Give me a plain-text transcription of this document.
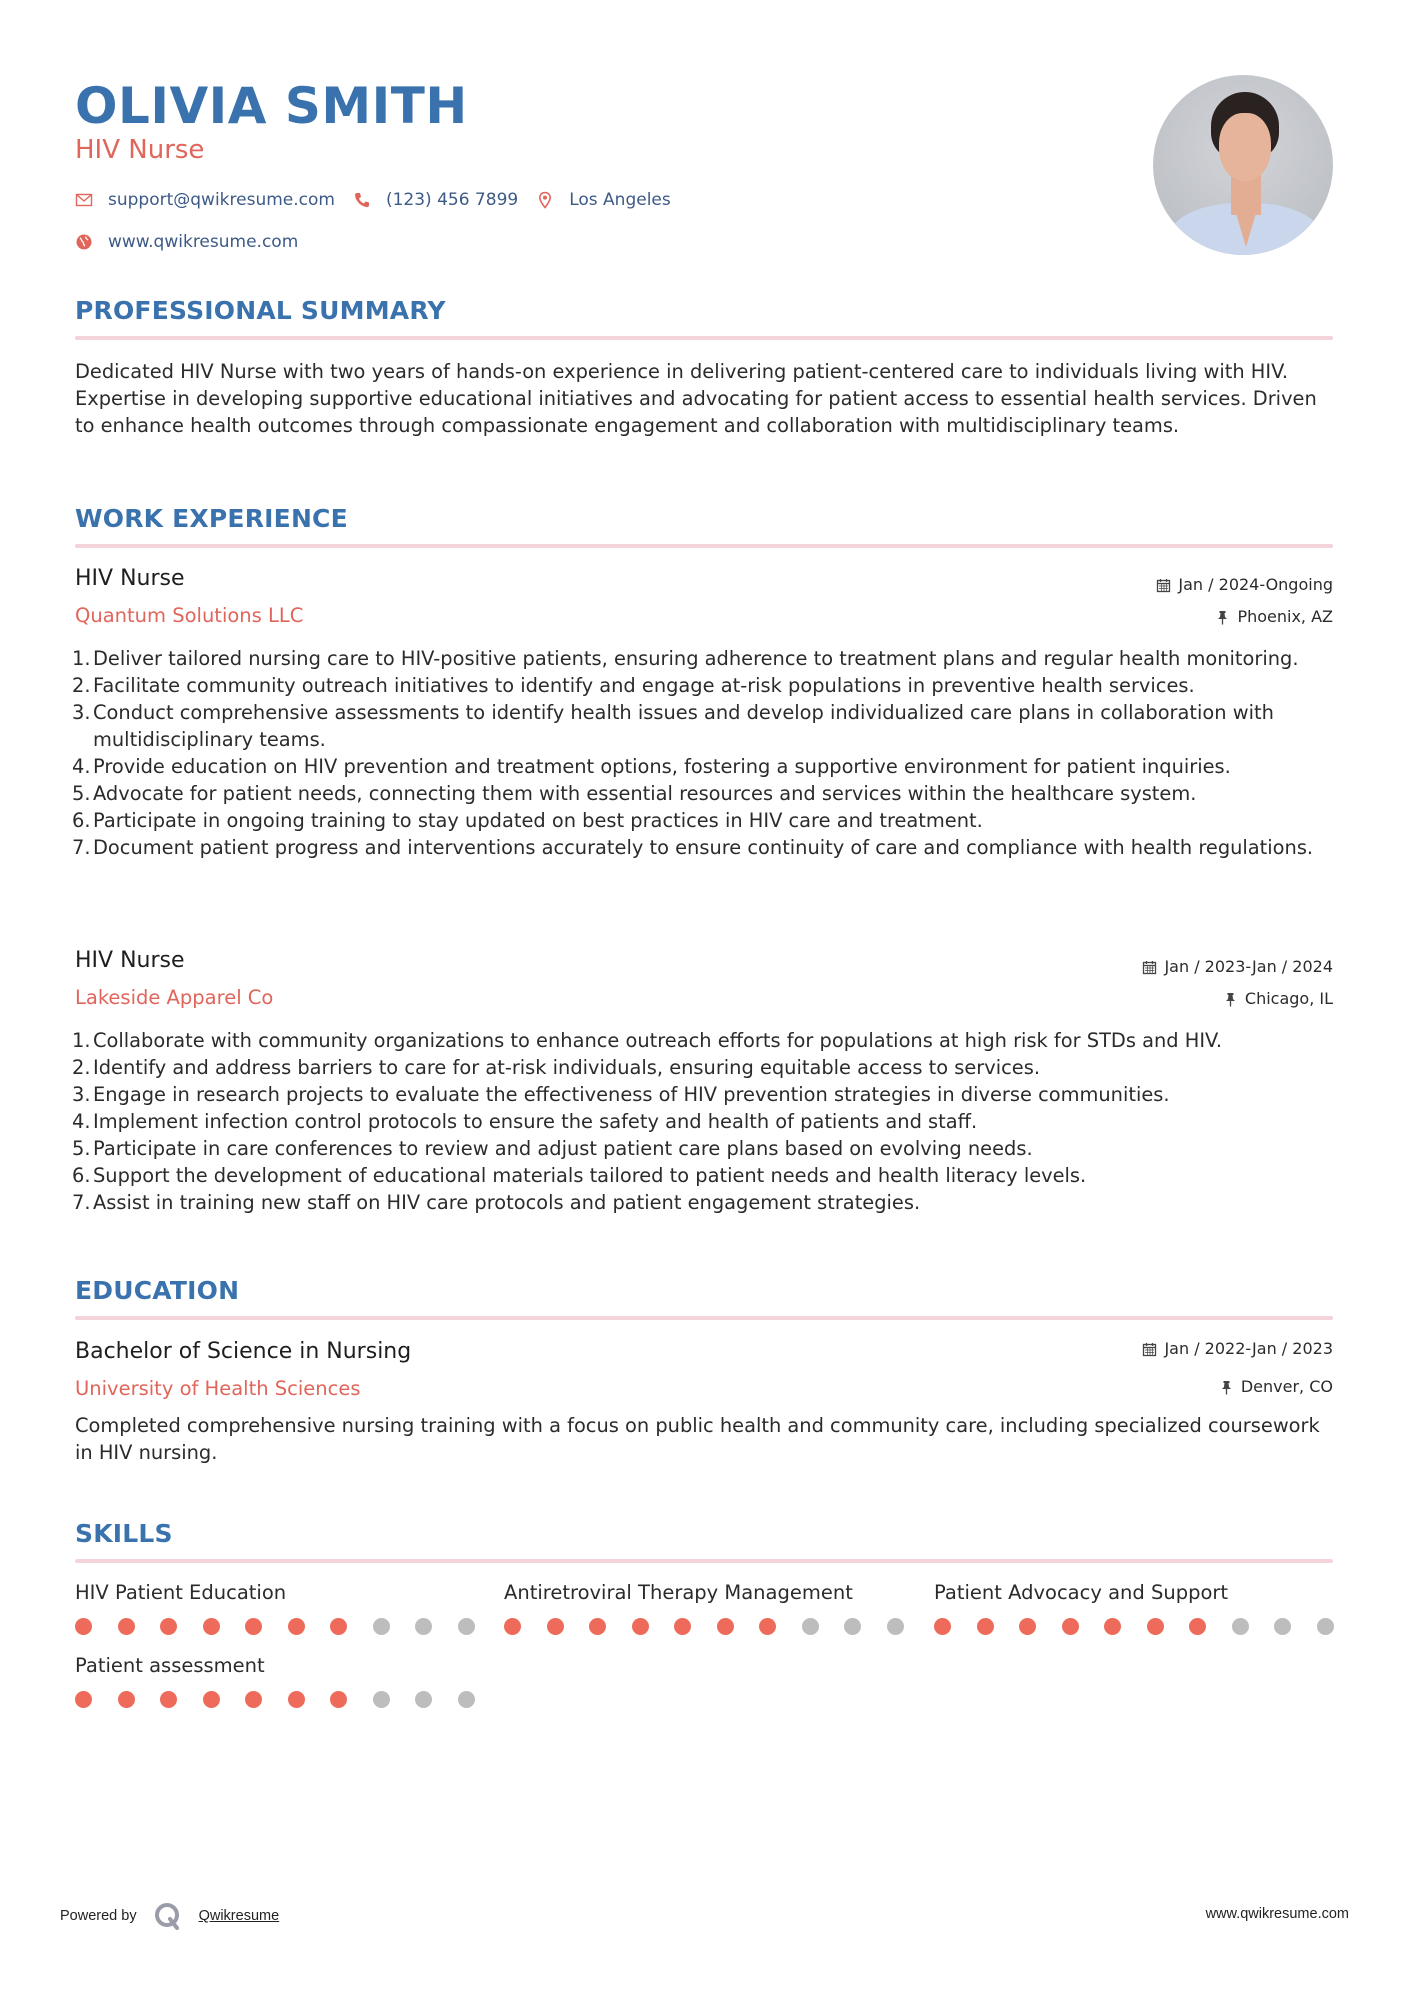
OLIVIA SMITH
HIV Nurse
support@qwikresume.com	(123) 456 7899	Los Angeles
www.qwikresume.com
PROFESSIONAL SUMMARY
Dedicated HIV Nurse with two years of hands-on experience in delivering patient-centered care to individuals living with HIV. Expertise in developing supportive educational initiatives and advocating for patient access to essential health services. Driven to enhance health outcomes through compassionate engagement and collaboration with multidisciplinary teams.
WORK EXPERIENCE
HIV Nurse
Quantum Solutions LLC
Jan / 2024-Ongoing
Phoenix, AZ
1. Deliver tailored nursing care to HIV-positive patients, ensuring adherence to treatment plans and regular health monitoring.
2. Facilitate community outreach initiatives to identify and engage at-risk populations in preventive health services.
3. Conduct comprehensive assessments to identify health issues and develop individualized care plans in collaboration with multidisciplinary teams.
4. Provide education on HIV prevention and treatment options, fostering a supportive environment for patient inquiries.
5. Advocate for patient needs, connecting them with essential resources and services within the healthcare system.
6. Participate in ongoing training to stay updated on best practices in HIV care and treatment.
7. Document patient progress and interventions accurately to ensure continuity of care and compliance with health regulations.
HIV Nurse
Lakeside Apparel Co
Jan / 2023-Jan / 2024
Chicago, IL
1. Collaborate with community organizations to enhance outreach efforts for populations at high risk for STDs and HIV.
2. Identify and address barriers to care for at-risk individuals, ensuring equitable access to services.
3. Engage in research projects to evaluate the effectiveness of HIV prevention strategies in diverse communities.
4. Implement infection control protocols to ensure the safety and health of patients and staff.
5. Participate in care conferences to review and adjust patient care plans based on evolving needs.
6. Support the development of educational materials tailored to patient needs and health literacy levels.
7. Assist in training new staff on HIV care protocols and patient engagement strategies.
EDUCATION
Bachelor of Science in Nursing
University of Health Sciences
Jan / 2022-Jan / 2023
Denver, CO
Completed comprehensive nursing training with a focus on public health and community care, including specialized coursework in HIV nursing.
SKILLS
HIV Patient Education	Antiretroviral Therapy Management	Patient Advocacy and Support
Patient assessment
Powered by	Qwikresume	www.qwikresume.com
